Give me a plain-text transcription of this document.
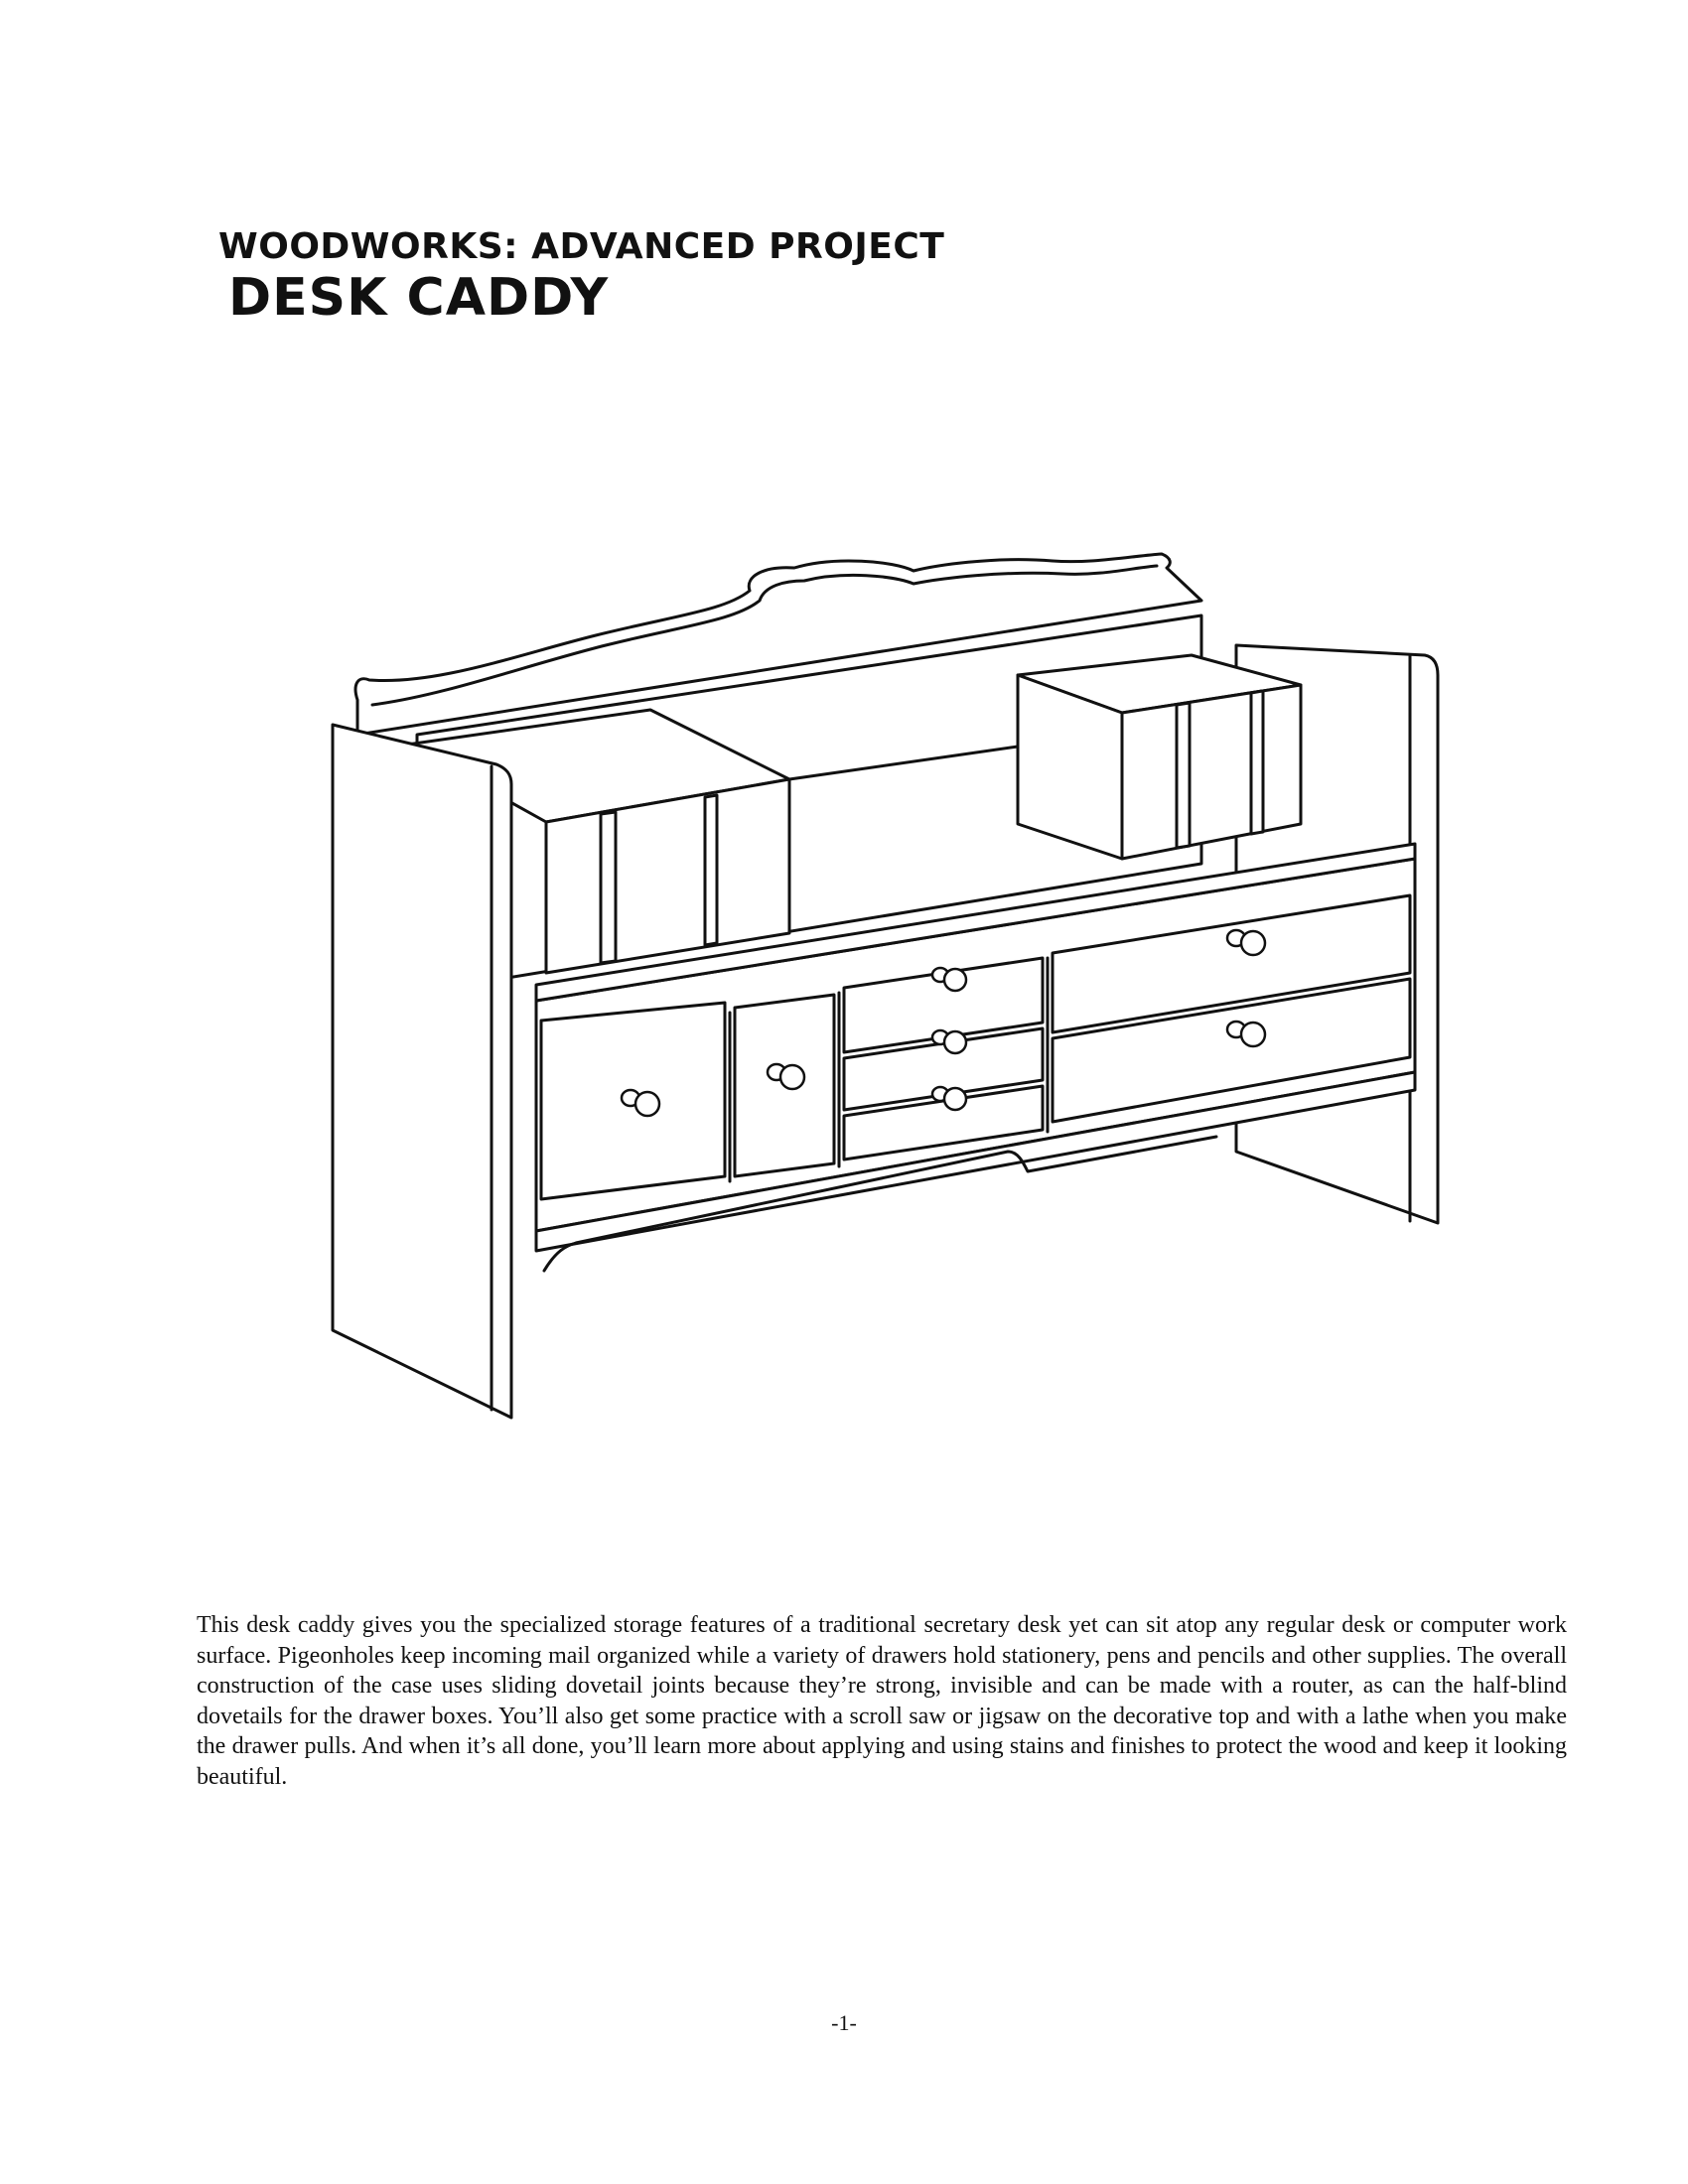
WOODWORKS: ADVANCED PROJECT
DESK CADDY

This desk caddy gives you the specialized storage features of a traditional secretary desk yet can sit atop any regular desk or computer work surface. Pigeonholes keep incoming mail organized while a variety of drawers hold stationery, pens and pencils and other supplies. The overall construction of the case uses sliding dovetail joints because they’re strong, invisible and can be made with a router, as can the half-blind dovetails for the drawer boxes. You’ll also get some practice with a scroll saw or jigsaw on the decorative top and with a lathe when you make the drawer pulls. And when it’s all done, you’ll learn more about applying and using stains and finishes to protect the wood and keep it looking beautiful.

-1-
